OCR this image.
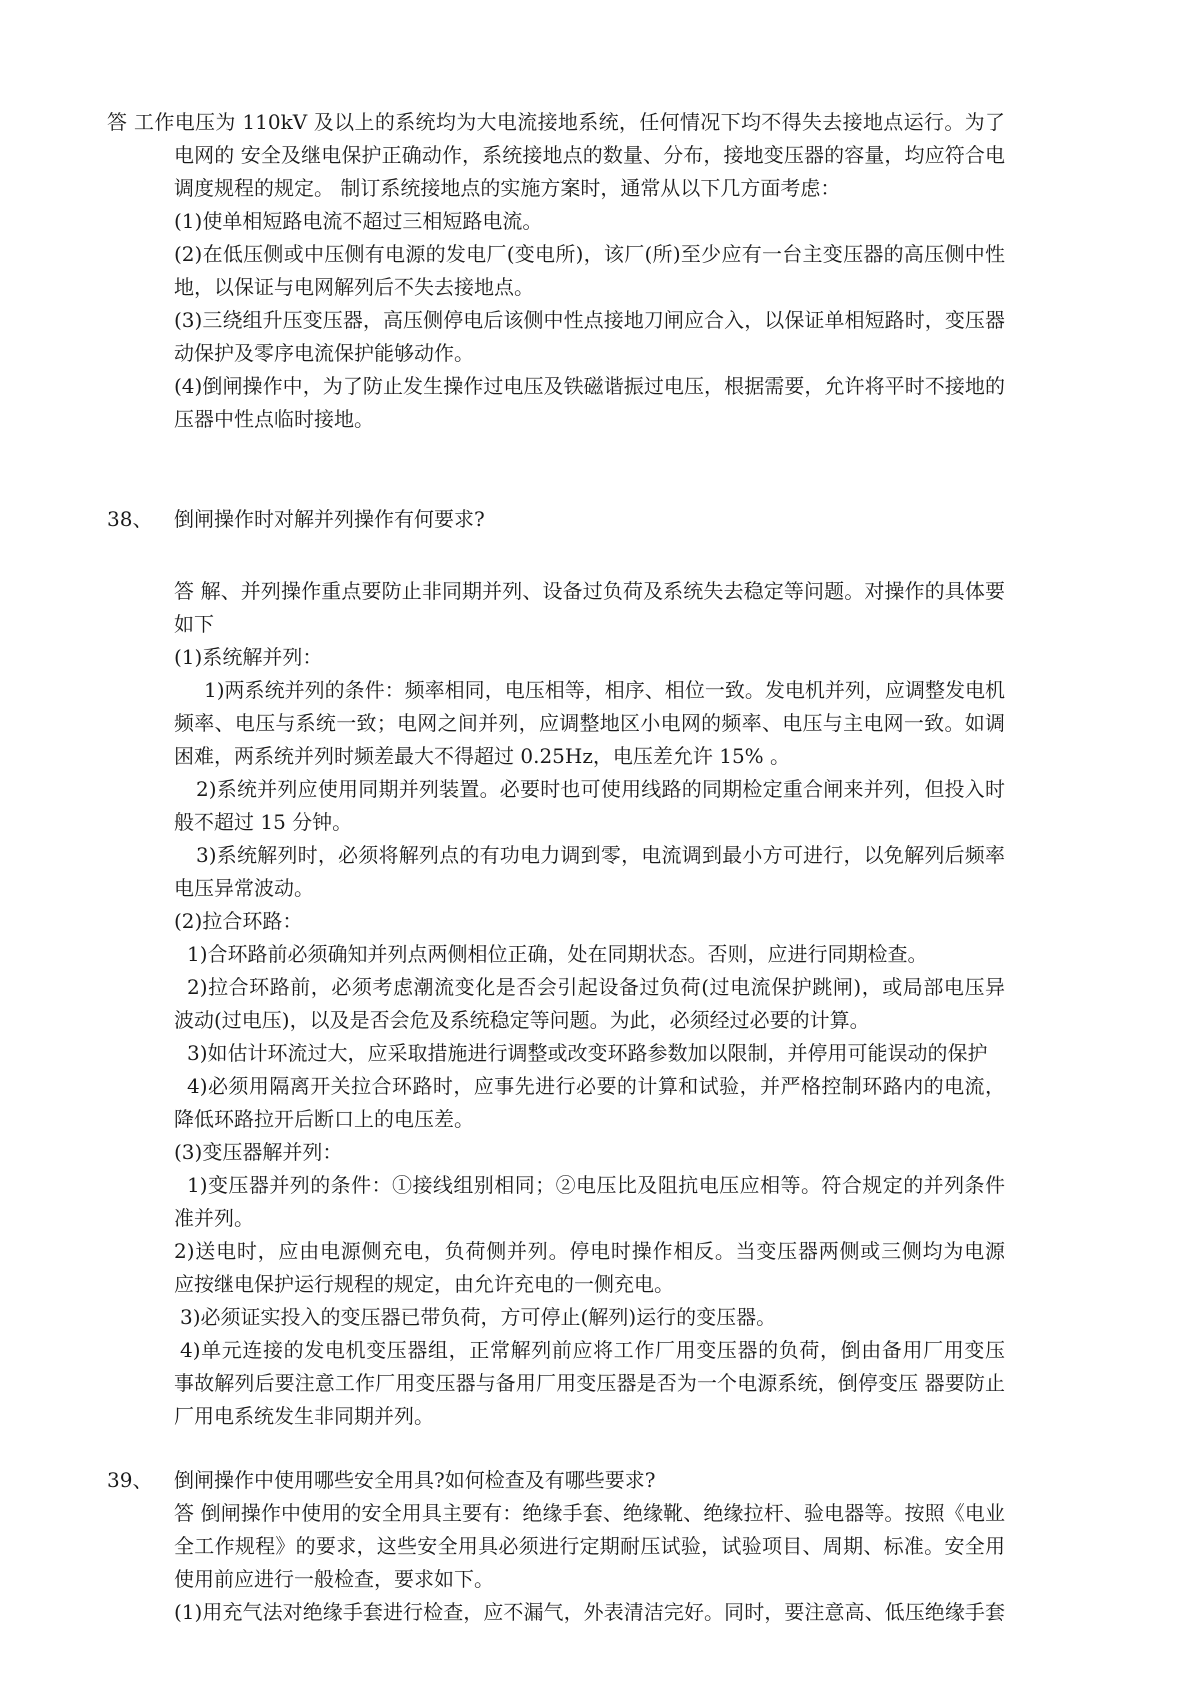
答 工作电压为 110kV 及以上的系统均为大电流接地系统，任何情况下均不得失去接地点运行。为了
电网的 安全及继电保护正确动作，系统接地点的数量、分布，接地变压器的容量，均应符合电
调度规程的规定。 制订系统接地点的实施方案时，通常从以下几方面考虑：
(1)使单相短路电流不超过三相短路电流。
(2)在低压侧或中压侧有电源的发电厂(变电所)，该厂(所)至少应有一台主变压器的高压侧中性
地，以保证与电网解列后不失去接地点。
(3)三绕组升压变压器，高压侧停电后该侧中性点接地刀闸应合入，以保证单相短路时，变压器
动保护及零序电流保护能够动作。
(4)倒闸操作中，为了防止发生操作过电压及铁磁谐振过电压，根据需要，允许将平时不接地的
压器中性点临时接地。
38、 倒闸操作时对解并列操作有何要求?
答 解、并列操作重点要防止非同期并列、设备过负荷及系统失去稳定等问题。对操作的具体要
如下
(1)系统解并列：
1)两系统并列的条件：频率相同，电压相等，相序、相位一致。发电机并列，应调整发电机
频率、电压与系统一致；电网之间并列，应调整地区小电网的频率、电压与主电网一致。如调
困难，两系统并列时频差最大不得超过 0.25Hz，电压差允许 15% 。
2)系统并列应使用同期并列装置。必要时也可使用线路的同期检定重合闸来并列，但投入时
般不超过 15 分钟。
3)系统解列时，必须将解列点的有功电力调到零，电流调到最小方可进行，以免解列后频率
电压异常波动。
(2)拉合环路：
1)合环路前必须确知并列点两侧相位正确，处在同期状态。否则，应进行同期检查。
2)拉合环路前，必须考虑潮流变化是否会引起设备过负荷(过电流保护跳闸)，或局部电压异
波动(过电压)，以及是否会危及系统稳定等问题。为此，必须经过必要的计算。
3)如估计环流过大，应采取措施进行调整或改变环路参数加以限制，并停用可能误动的保护
4)必须用隔离开关拉合环路时，应事先进行必要的计算和试验，并严格控制环路内的电流，
降低环路拉开后断口上的电压差。
(3)变压器解并列：
1)变压器并列的条件：①接线组别相同；②电压比及阻抗电压应相等。符合规定的并列条件
准并列。
2)送电时，应由电源侧充电，负荷侧并列。停电时操作相反。当变压器两侧或三侧均为电源
应按继电保护运行规程的规定，由允许充电的一侧充电。
3)必须证实投入的变压器已带负荷，方可停止(解列)运行的变压器。
4)单元连接的发电机变压器组，正常解列前应将工作厂用变压器的负荷，倒由备用厂用变压
事故解列后要注意工作厂用变压器与备用厂用变压器是否为一个电源系统，倒停变压 器要防止
厂用电系统发生非同期并列。
39、 倒闸操作中使用哪些安全用具?如何检查及有哪些要求?
答 倒闸操作中使用的安全用具主要有：绝缘手套、绝缘靴、绝缘拉杆、验电器等。按照《电业
全工作规程》的要求，这些安全用具必须进行定期耐压试验，试验项目、周期、标准。安全用
使用前应进行一般检查，要求如下。
(1)用充气法对绝缘手套进行检查，应不漏气，外表清洁完好。同时，要注意高、低压绝缘手套
